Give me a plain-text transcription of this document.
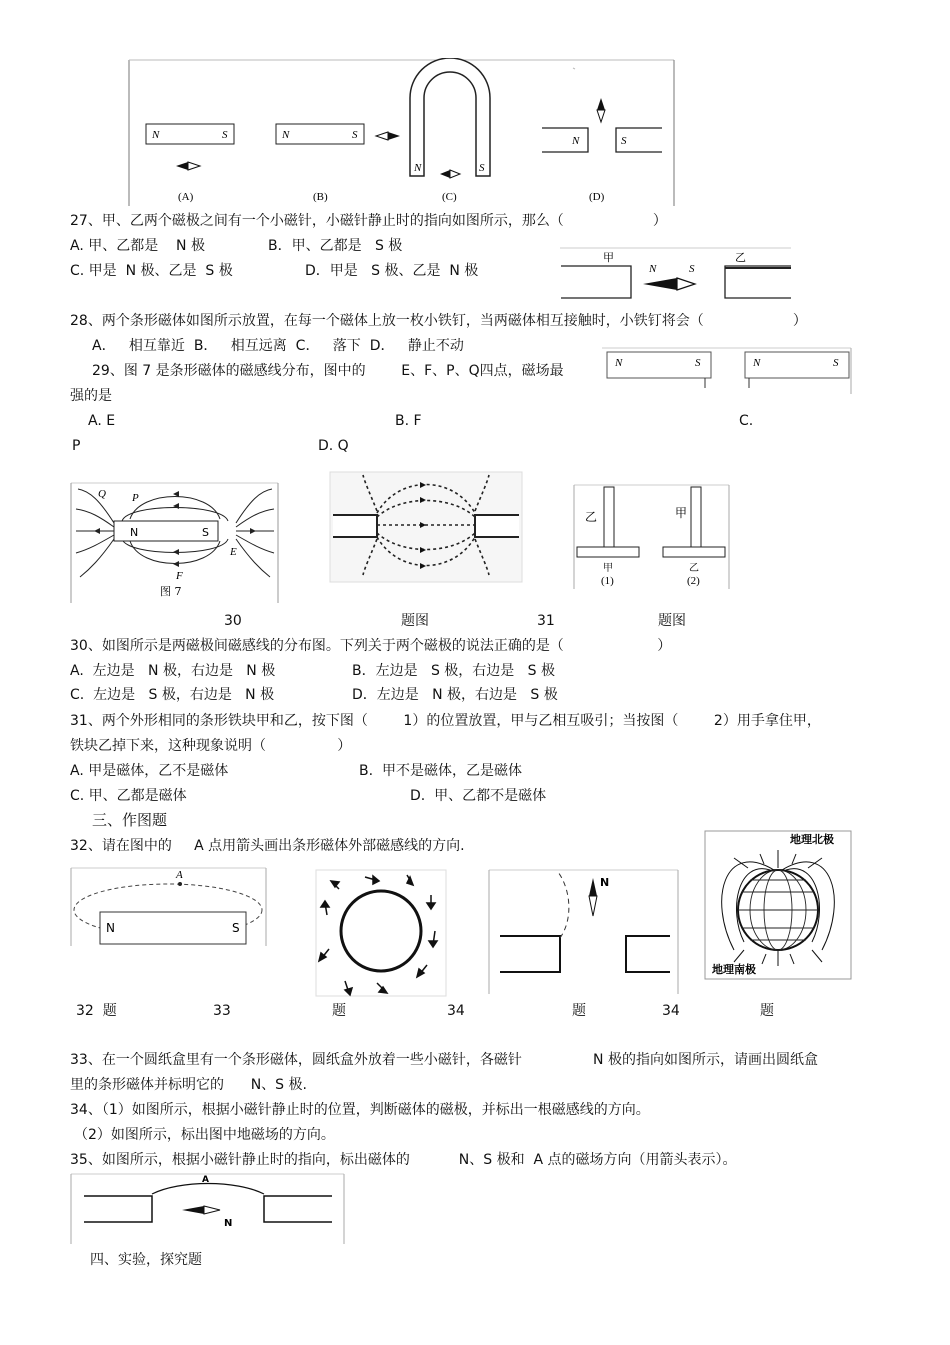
N	S
(A)
N	S
(B)
N	S
(C)
N	S
(D)
27、甲、乙两个磁极之间有一个小磁针，小磁针静止时的指向如图所示，那么（                    ）
A. 甲、乙都是    N 极	B．甲、乙都是   S 极
C. 甲是  N 极、乙是  S 极	D．甲是   S 极、乙是  N 极
甲	乙
N	S
28、两个条形磁体如图所示放置，在每一个磁体上放一枚小铁钉，当两磁体相互接触时，小铁钉将会（                    ）
A．   相互靠近  B．   相互远离  C．   落下  D．   静止不动
N	S	N	S
29、图 7 是条形磁体的磁感线分布，图中的        E、F、P、Q四点，磁场最
强的是
A. E	B. F	C.
P	D. Q
N	S
Q P
E
F
图 7
乙
甲
(1)
甲
乙
(2)
30	题图	31	题图
30、如图所示是两磁极间磁感线的分布图。下列关于两个磁极的说法正确的是（                     ）
A.  左边是   N 极，右边是   N 极	B．左边是   S 极，右边是   S 极
C.  左边是   S 极，右边是   N 极	D．左边是   N 极，右边是   S 极
31、两个外形相同的条形铁块甲和乙，按下图（        1）的位置放置，甲与乙相互吸引；当按图（        2）用手拿住甲，
铁块乙掉下来，这种现象说明（                ）
A. 甲是磁体，乙不是磁体	B.  甲不是磁体，乙是磁体
C. 甲、乙都是磁体	D.  甲、乙都不是磁体
三、作图题
32、请在图中的     A 点用箭头画出条形磁体外部磁感线的方向.
N	S
A
N
地理北极
地理南极
32  题	33	题	34	题	34	题
33、在一个圆纸盒里有一个条形磁体，圆纸盒外放着一些小磁针，各磁针                N 极的指向如图所示，请画出圆纸盒
里的条形磁体并标明它的      N、S 极.
34、（1）如图所示，根据小磁针静止时的位置，判断磁体的磁极，并标出一根磁感线的方向。
（2）如图所示，标出图中地磁场的方向。
35、如图所示，根据小磁针静止时的指向，标出磁体的           N、S 极和  A 点的磁场方向（用箭头表示）。
A
N
四、实验，探究题
